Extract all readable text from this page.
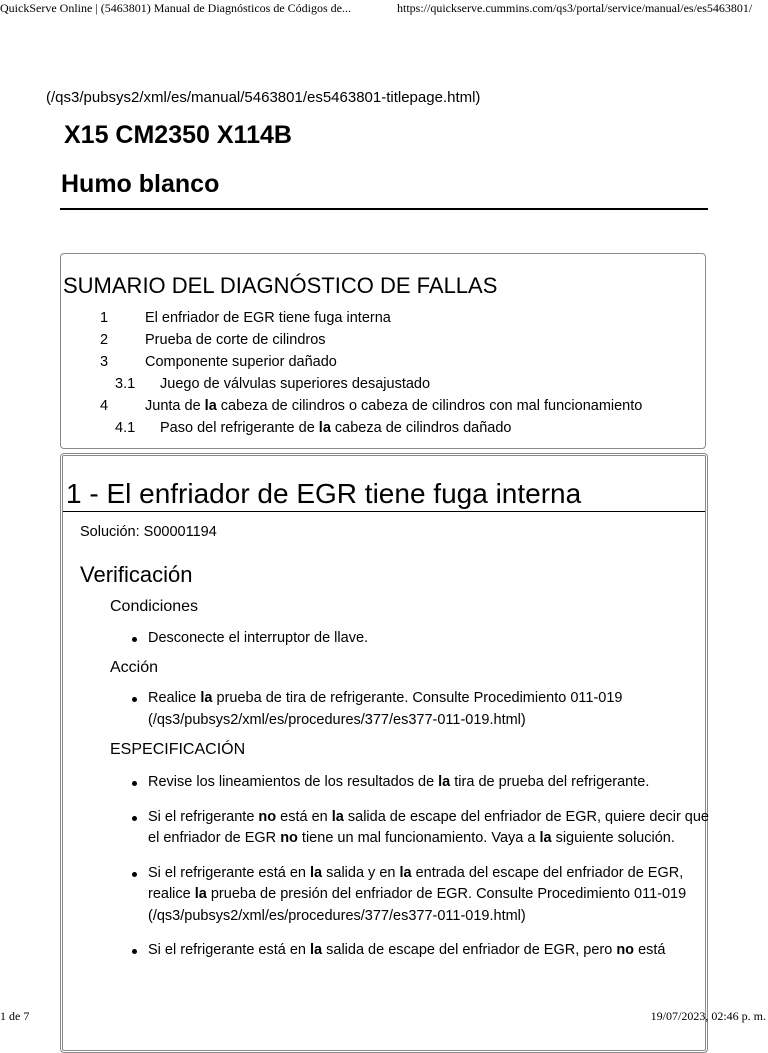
QuickServe Online | (5463801) Manual de Diagnósticos de Códigos de...	https://quickserve.cummins.com/qs3/portal/service/manual/es/es5463801/
(/qs3/pubsys2/xml/es/manual/5463801/es5463801-titlepage.html)
X15 CM2350 X114B
Humo blanco
SUMARIO DEL DIAGNÓSTICO DE FALLAS
1	El enfriador de EGR tiene fuga interna
2	Prueba de corte de cilindros
3	Componente superior dañado
3.1 Juego de válvulas superiores desajustado
4	Junta de la cabeza de cilindros o cabeza de cilindros con mal funcionamiento
4.1 Paso del refrigerante de la cabeza de cilindros dañado
1 - El enfriador de EGR tiene fuga interna
Solución: S00001194
Verificación
Condiciones
Desconecte el interruptor de llave.
Acción
Realice la prueba de tira de refrigerante. Consulte Procedimiento 011-019 (/qs3/pubsys2/xml/es/procedures/377/es377-011-019.html)
ESPECIFICACIÓN
Revise los lineamientos de los resultados de la tira de prueba del refrigerante.
Si el refrigerante no está en la salida de escape del enfriador de EGR, quiere decir que el enfriador de EGR no tiene un mal funcionamiento. Vaya a la siguiente solución.
Si el refrigerante está en la salida y en la entrada del escape del enfriador de EGR, realice la prueba de presión del enfriador de EGR. Consulte Procedimiento 011-019 (/qs3/pubsys2/xml/es/procedures/377/es377-011-019.html)
Si el refrigerante está en la salida de escape del enfriador de EGR, pero no está
1 de 7	19/07/2023, 02:46 p. m.
